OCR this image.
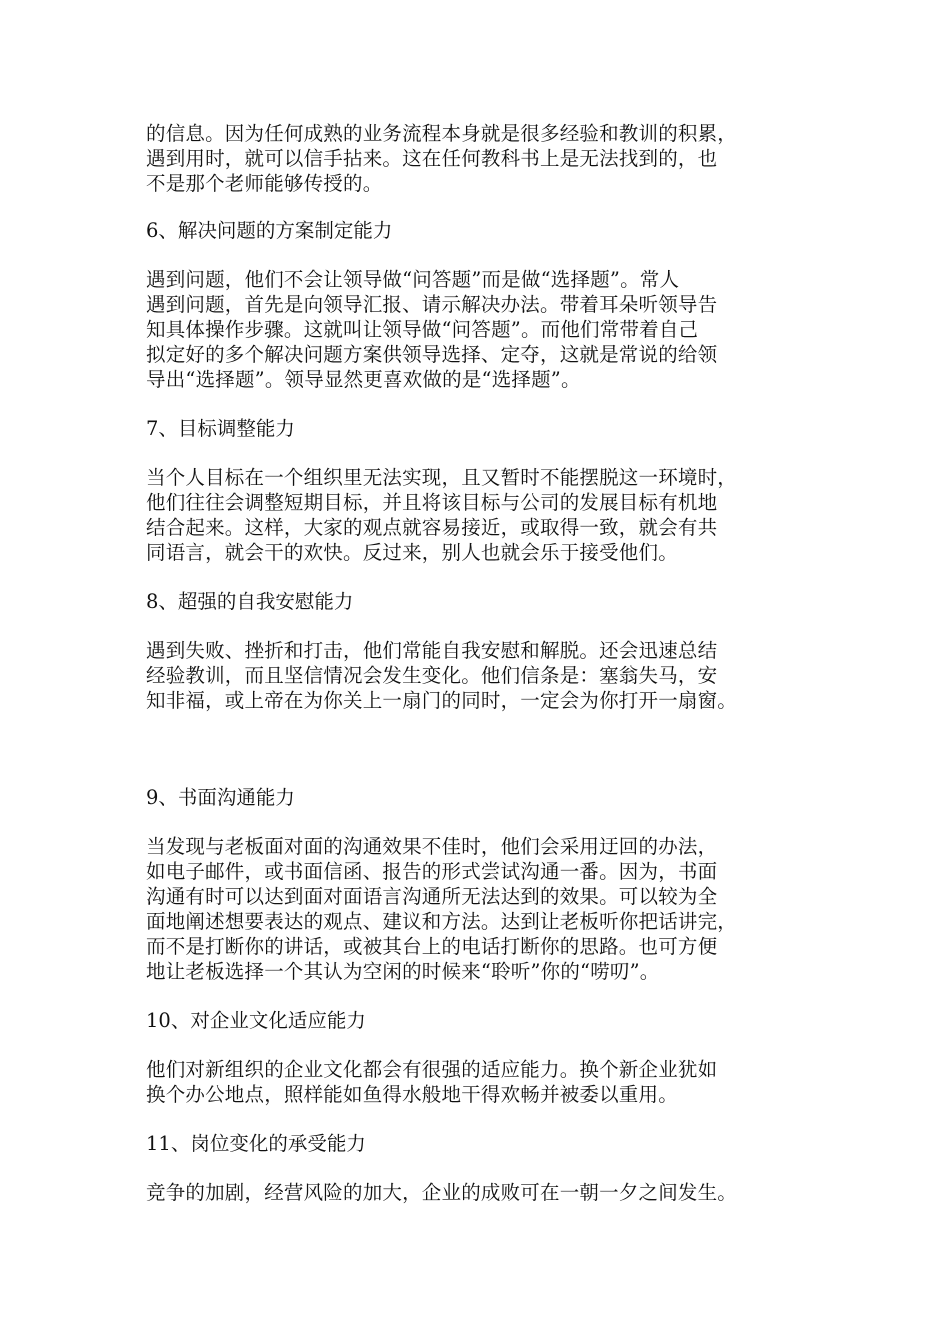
的信息。因为任何成熟的业务流程本身就是很多经验和教训的积累，
遇到用时，就可以信手拈来。这在任何教科书上是无法找到的，也
不是那个老师能够传授的。

6、解决问题的方案制定能力

遇到问题，他们不会让领导做“问答题”而是做“选择题”。常人
遇到问题，首先是向领导汇报、请示解决办法。带着耳朵听领导告
知具体操作步骤。这就叫让领导做“问答题”。而他们常带着自己
拟定好的多个解决问题方案供领导选择、定夺，这就是常说的给领
导出“选择题”。领导显然更喜欢做的是“选择题”。

7、目标调整能力

当个人目标在一个组织里无法实现，且又暂时不能摆脱这一环境时，
他们往往会调整短期目标，并且将该目标与公司的发展目标有机地
结合起来。这样，大家的观点就容易接近，或取得一致，就会有共
同语言，就会干的欢快。反过来，别人也就会乐于接受他们。

8、超强的自我安慰能力

遇到失败、挫折和打击，他们常能自我安慰和解脱。还会迅速总结
经验教训，而且坚信情况会发生变化。他们信条是：塞翁失马，安
知非福，或上帝在为你关上一扇门的同时，一定会为你打开一扇窗。

9、书面沟通能力

当发现与老板面对面的沟通效果不佳时，他们会采用迂回的办法，
如电子邮件，或书面信函、报告的形式尝试沟通一番。因为，书面
沟通有时可以达到面对面语言沟通所无法达到的效果。可以较为全
面地阐述想要表达的观点、建议和方法。达到让老板听你把话讲完，
而不是打断你的讲话，或被其台上的电话打断你的思路。也可方便
地让老板选择一个其认为空闲的时候来“聆听”你的“唠叨”。

10、对企业文化适应能力

他们对新组织的企业文化都会有很强的适应能力。换个新企业犹如
换个办公地点，照样能如鱼得水般地干得欢畅并被委以重用。

11、岗位变化的承受能力

竞争的加剧，经营风险的加大，企业的成败可在一朝一夕之间发生。
